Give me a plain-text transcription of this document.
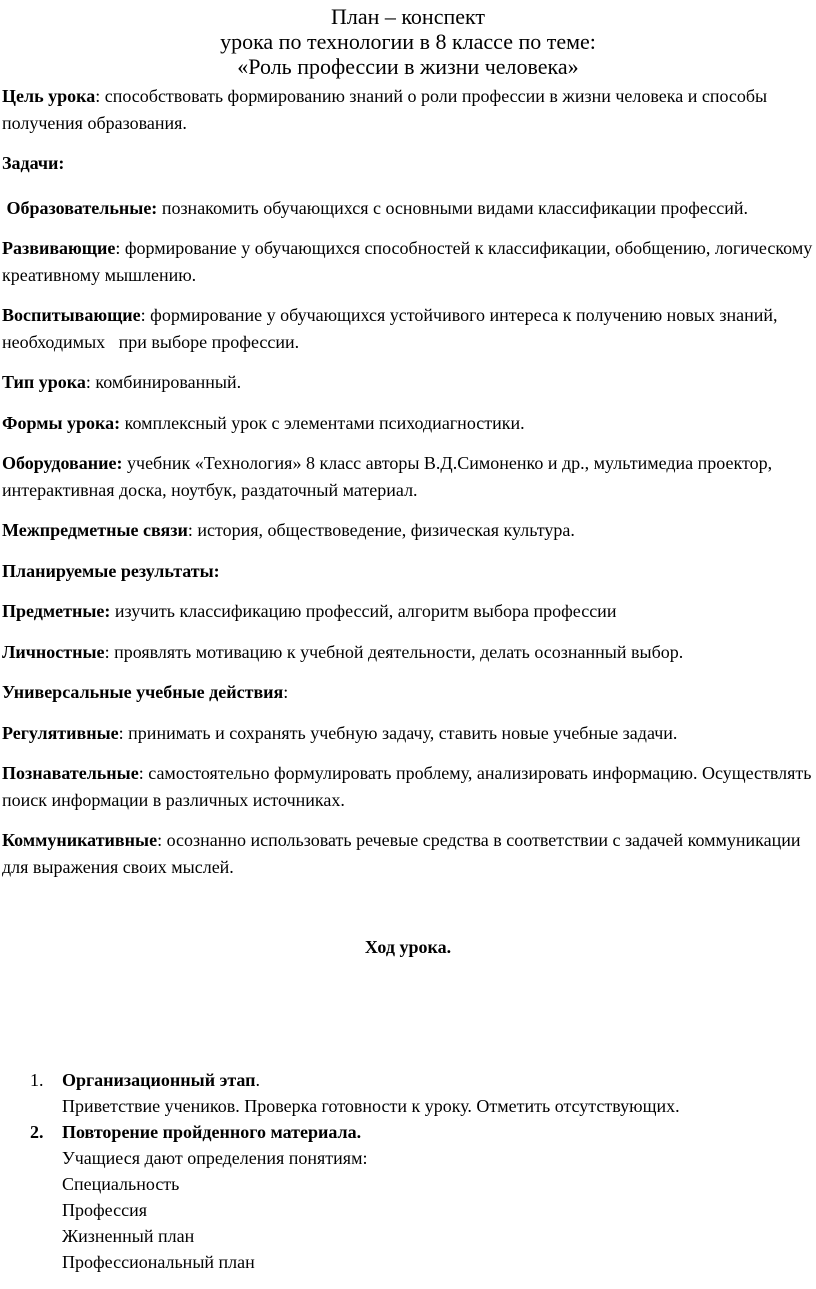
План – конспект
урока по технологии в 8 классе по теме:
«Роль профессии в жизни человека»

Цель урока: способствовать формированию знаний о роли профессии в жизни человека и способы получения образования.

Задачи:

Образовательные: познакомить обучающихся с основными видами классификации профессий.

Развивающие: формирование у обучающихся способностей к классификации, обобщению, логическому креативному мышлению.

Воспитывающие: формирование у обучающихся устойчивого интереса к получению новых знаний, необходимых   при выборе профессии.

Тип урока: комбинированный.

Формы урока: комплексный урок с элементами психодиагностики.

Оборудование: учебник «Технология» 8 класс авторы В.Д.Симоненко и др., мультимедиа проектор, интерактивная доска, ноутбук, раздаточный материал.

Межпредметные связи: история, обществоведение, физическая культура.

Планируемые результаты:

Предметные: изучить классификацию профессий, алгоритм выбора профессии

Личностные: проявлять мотивацию к учебной деятельности, делать осознанный выбор.

Универсальные учебные действия:

Регулятивные: принимать и сохранять учебную задачу, ставить новые учебные задачи.

Познавательные: самостоятельно формулировать проблему, анализировать информацию. Осуществлять поиск информации в различных источниках.

Коммуникативные: осознанно использовать речевые средства в соответствии с задачей коммуникации для выражения своих мыслей.

Ход урока.

1.	Организационный этап.
Приветствие учеников. Проверка готовности к уроку. Отметить отсутствующих.
2.	Повторение пройденного материала.
Учащиеся дают определения понятиям:
Специальность
Профессия
Жизненный план
Профессиональный план
